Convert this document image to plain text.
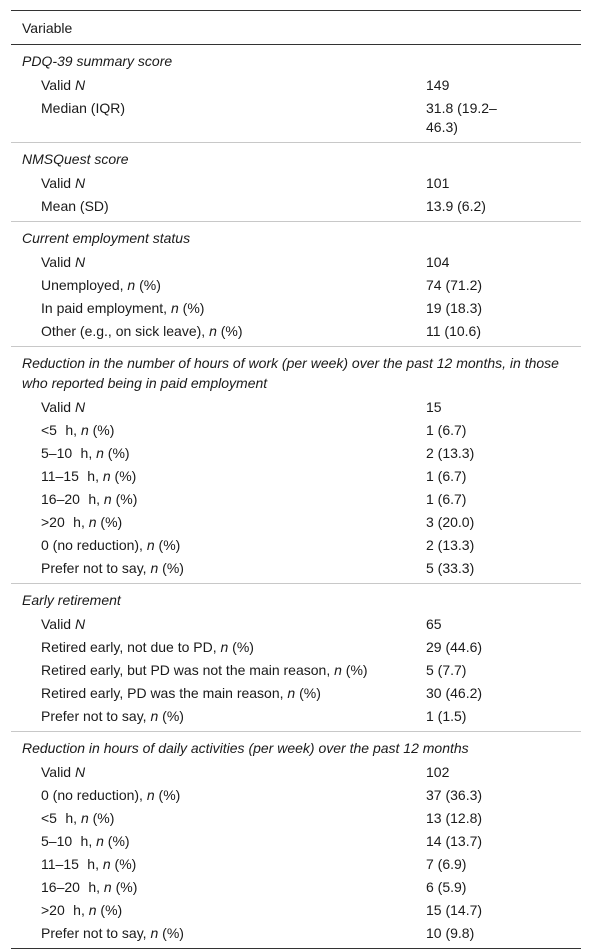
Variable
PDQ-39 summary score
Valid N	149
Median (IQR)	31.8 (19.2–46.3)
NMSQuest score
Valid N	101
Mean (SD)	13.9 (6.2)
Current employment status
Valid N	104
Unemployed, n (%)	74 (71.2)
In paid employment, n (%)	19 (18.3)
Other (e.g., on sick leave), n (%)	11 (10.6)
Reduction in the number of hours of work (per week) over the past 12 months, in those who reported being in paid employment
Valid N	15
<5   h, n (%)	1 (6.7)
5–10   h, n (%)	2 (13.3)
11–15   h, n (%)	1 (6.7)
16–20   h, n (%)	1 (6.7)
>20   h, n (%)	3 (20.0)
0 (no reduction), n (%)	2 (13.3)
Prefer not to say, n (%)	5 (33.3)
Early retirement
Valid N	65
Retired early, not due to PD, n (%)	29 (44.6)
Retired early, but PD was not the main reason, n (%)	5 (7.7)
Retired early, PD was the main reason, n (%)	30 (46.2)
Prefer not to say, n (%)	1 (1.5)
Reduction in hours of daily activities (per week) over the past 12 months
Valid N	102
0 (no reduction), n (%)	37 (36.3)
<5   h, n (%)	13 (12.8)
5–10   h, n (%)	14 (13.7)
11–15   h, n (%)	7 (6.9)
16–20   h, n (%)	6 (5.9)
>20   h, n (%)	15 (14.7)
Prefer not to say, n (%)	10 (9.8)
